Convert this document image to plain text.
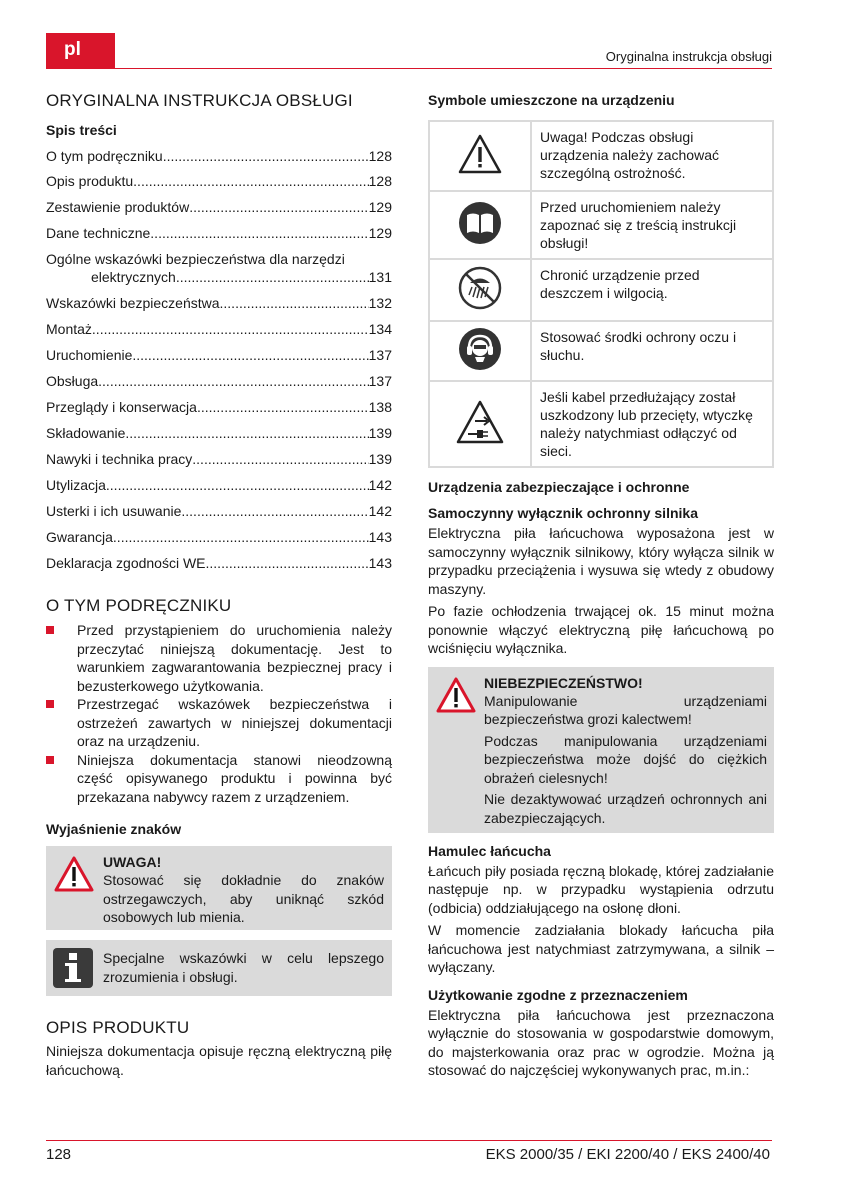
pl	Oryginalna instrukcja obsługi
ORYGINALNA INSTRUKCJA OBSŁUGI
Spis treści
O tym podręczniku .....	128
Opis produktu .....	128
Zestawienie produktów .....	129
Dane techniczne .....	129
Ogólne wskazówki bezpieczeństwa dla narzędzi
elektrycznych .....	131
Wskazówki bezpieczeństwa .....	132
Montaż .....	134
Uruchomienie .....	137
Obsługa .....	137
Przeglądy i konserwacja .....	138
Składowanie .....	139
Nawyki i technika pracy .....	139
Utylizacja .....	142
Usterki i ich usuwanie .....	142
Gwarancja .....	143
Deklaracja zgodności WE .....	143
O TYM PODRĘCZNIKU
Przed przystąpieniem do uruchomienia należy przeczytać niniejszą dokumentację. Jest to warunkiem zagwarantowania bezpiecznej pracy i bezusterkowego użytkowania.
Przestrzegać wskazówek bezpieczeństwa i ostrzeżeń zawartych w niniejszej dokumentacji oraz na urządzeniu.
Niniejsza dokumentacja stanowi nieodzowną część opisywanego produktu i powinna być przekazana nabywcy razem z urządzeniem.
Wyjaśnienie znaków
UWAGA!

Stosować się dokładnie do znaków ostrzegawczych, aby uniknąć szkód osobowych lub mienia.

Specjalne wskazówki w celu lepszego zrozumienia i obsługi.

OPIS PRODUKTU

Niniejsza dokumentacja opisuje ręczną elektryczną piłę łańcuchową.

Symbole umieszczone na urządzeniu
	Uwaga! Podczas obsługi urządzenia należy zachować szczególną ostrożność.
	Przed uruchomieniem należy zapoznać się z treścią instrukcji obsługi!
	Chronić urządzenie przed deszczem i wilgocią.
	Stosować środki ochrony oczu i słuchu.
	Jeśli kabel przedłużający został uszkodzony lub przecięty, wtyczkę należy natychmiast odłączyć od sieci.
Urządzenia zabezpieczające i ochronne
Samoczynny wyłącznik ochronny silnika

Elektryczna piła łańcuchowa wyposażona jest w samoczynny wyłącznik silnikowy, który wyłącza silnik w przypadku przeciążenia i wysuwa się wtedy z obudowy maszyny.

Po fazie ochłodzenia trwającej ok. 15 minut można ponownie włączyć elektryczną piłę łańcuchową po wciśnięciu wyłącznika.

NIEBEZPIECZEŃSTWO!

Manipulowanie urządzeniami bezpieczeństwa grozi kalectwem!

Podczas manipulowania urządzeniami bezpieczeństwa może dojść do ciężkich obrażeń cielesnych!

Nie dezaktywować urządzeń ochronnych ani zabezpieczających.

Hamulec łańcucha

Łańcuch piły posiada ręczną blokadę, której zadziałanie następuje np. w przypadku wystąpienia odrzutu (odbicia) oddziałującego na osłonę dłoni.

W momencie zadziałania blokady łańcucha piła łańcuchowa jest natychmiast zatrzymywana, a silnik – wyłączany.

Użytkowanie zgodne z przeznaczeniem

Elektryczna piła łańcuchowa jest przeznaczona wyłącznie do stosowania w gospodarstwie domowym, do majsterkowania oraz prac w ogrodzie. Można ją stosować do najczęściej wykonywanych prac, m.in.:

128	EKS 2000/35 / EKI 2200/40 / EKS 2400/40
